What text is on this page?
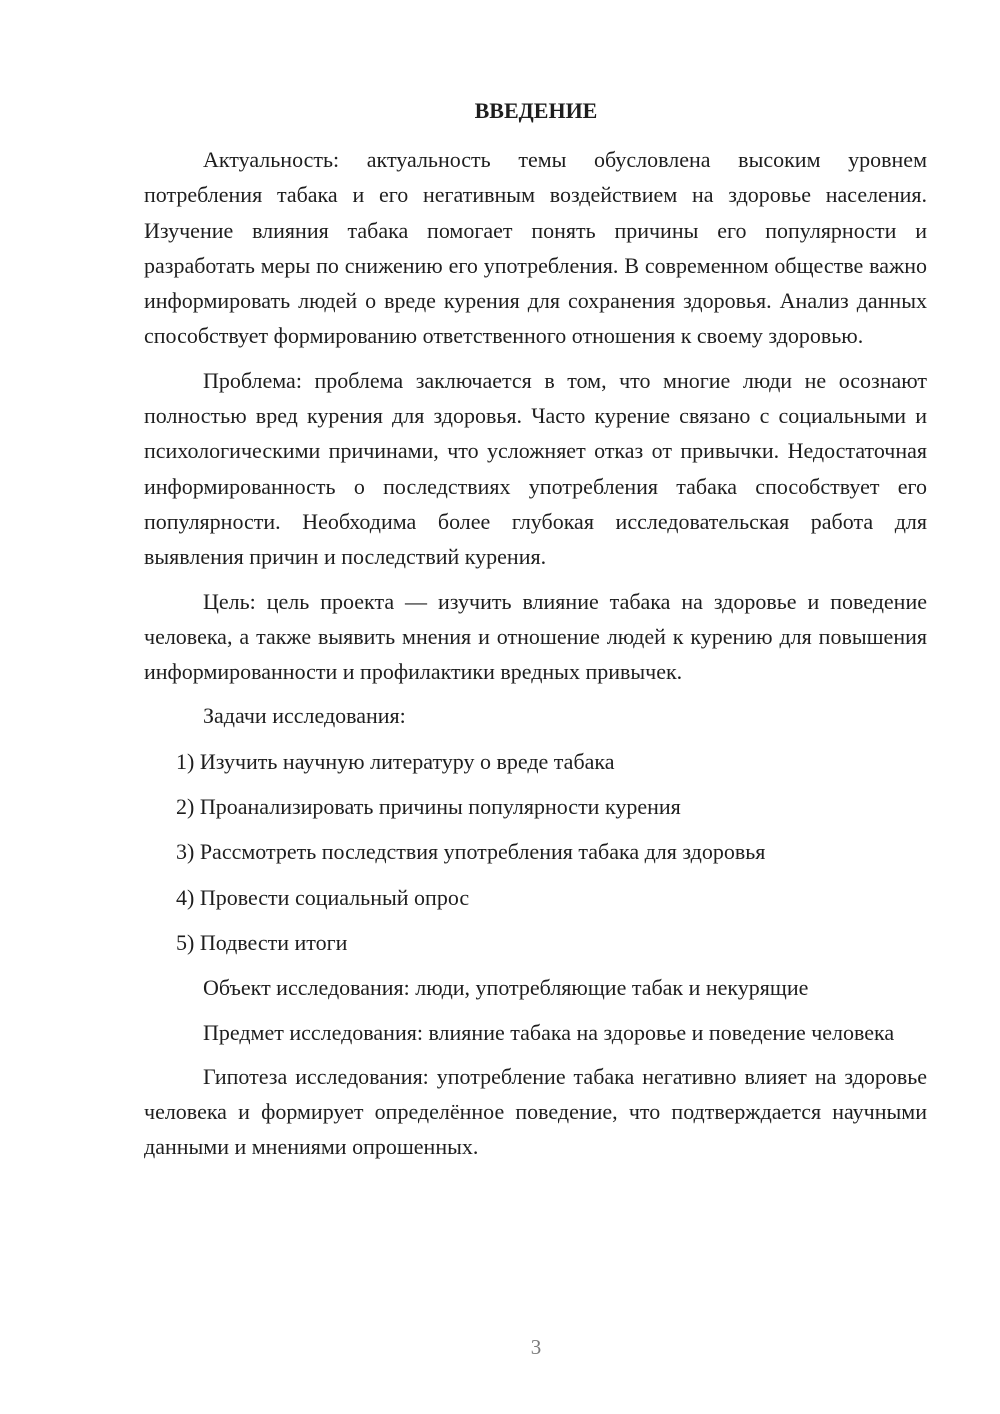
ВВЕДЕНИЕ

Актуальность: актуальность темы обусловлена высоким уровнем потребления табака и его негативным воздействием на здоровье населения. Изучение влияния табака помогает понять причины его популярности и разработать меры по снижению его употребления. В современном обществе важно информировать людей о вреде курения для сохранения здоровья. Анализ данных способствует формированию ответственного отношения к своему здоровью.

Проблема: проблема заключается в том, что многие люди не осознают полностью вред курения для здоровья. Часто курение связано с социальными и психологическими причинами, что усложняет отказ от привычки. Недостаточная информированность о последствиях употребления табака способствует его популярности. Необходима более глубокая исследовательская работа для выявления причин и последствий курения.

Цель: цель проекта — изучить влияние табака на здоровье и поведение человека, а также выявить мнения и отношение людей к курению для повышения информированности и профилактики вредных привычек.

Задачи исследования:

1) Изучить научную литературу о вреде табака
2) Проанализировать причины популярности курения
3) Рассмотреть последствия употребления табака для здоровья
4) Провести социальный опрос
5) Подвести итоги

Объект исследования: люди, употребляющие табак и некурящие

Предмет исследования: влияние табака на здоровье и поведение человека

Гипотеза исследования: употребление табака негативно влияет на здоровье человека и формирует определённое поведение, что подтверждается научными данными и мнениями опрошенных.

3
